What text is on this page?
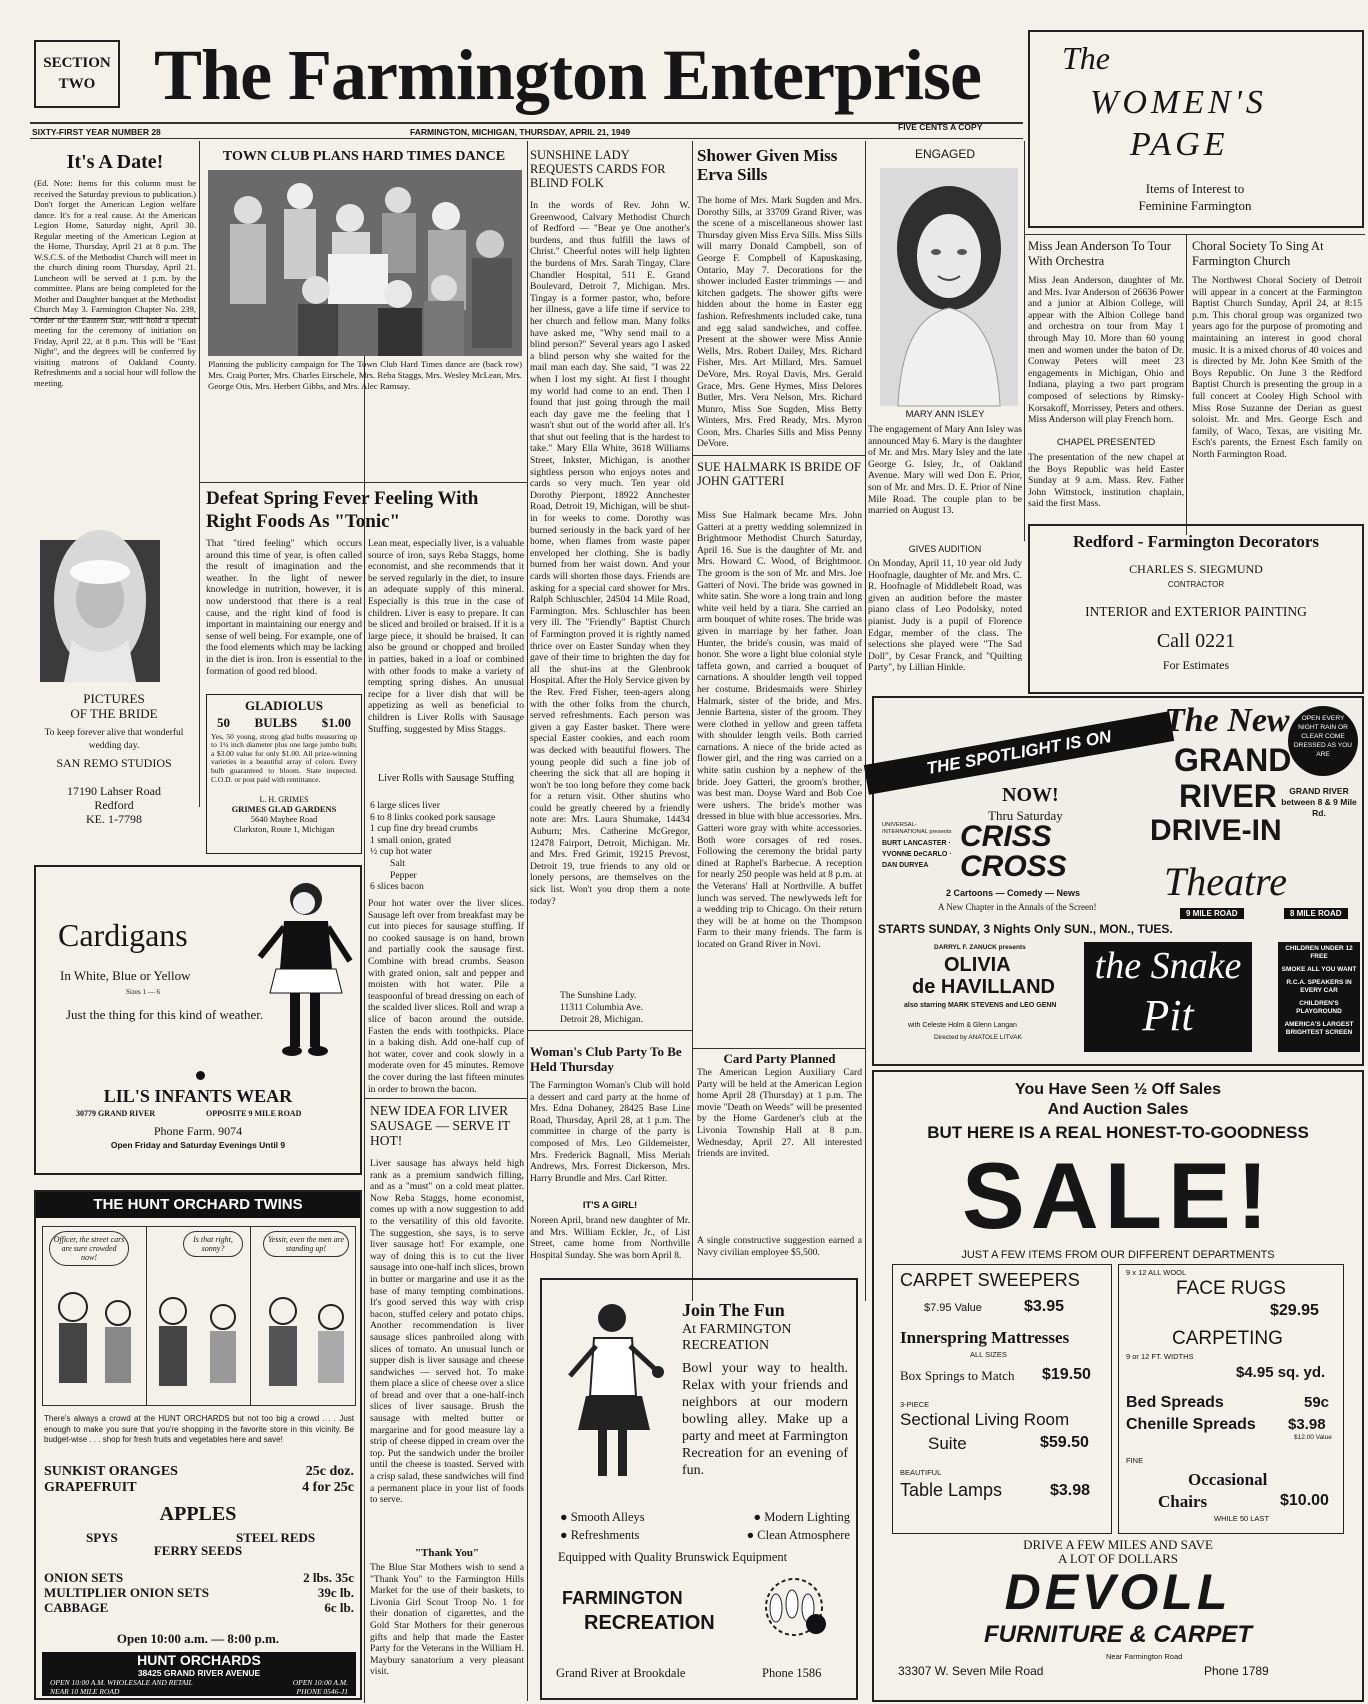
SECTION TWO The Farmington Enterprise
SIXTY-FIRST YEAR NUMBER 28	FARMINGTON, MICHIGAN, THURSDAY, APRIL 21, 1949	FIVE CENTS A COPY
The
WOMEN'S
PAGE
Items of Interest to Feminine Farmington
It's A Date!
(Ed. Note: Items for this column must be received the Saturday previous to publication.) Don't forget the American Legion welfare dance. It's for a real cause. At the American Legion Home, Saturday night, April 30. Regular meeting of the American Legion at the Home, Thursday, April 21 at 8 p.m. The W.S.C.S. of the Methodist Church will meet in the church dining room Thursday, April 21. Luncheon will be served at 1 p.m. by the committee. Plans are being completed for the Mother and Daughter banquet at the Methodist Church May 3. Farmington Chapter No. 239, Order of the Eastern Star, will hold a special meeting for the ceremony of initiation on Friday, April 22, at 8 p.m. This will be "East Night", and the degrees will be conferred by visiting matrons of Oakland County. Refreshments and a social hour will follow the meeting.
TOWN CLUB PLANS HARD TIMES DANCE
Planning the publicity campaign for The Town Club Hard Times dance are (back row) Mrs. Craig Porter, Mrs. Charles Eirschele, Mrs. Reba Staggs, Mrs. Wesley McLean, Mrs. George Otis, Mrs. Herbert Gibbs, and Mrs. Alec Ramsay.
Defeat Spring Fever Feeling With Right Foods As "Tonic"
That "tired feeling" which occurs around this time of year, is often called the result of imagination and the weather. In the light of newer knowledge in nutrition, however, it is now understood that there is a real cause, and the right kind of food is important in maintaining our energy and sense of well being. For example, one of the food elements which may be lacking in the diet is iron. Iron is essential to the formation of good red blood.
Lean meat, especially liver, is a valuable source of iron, says Reba Staggs, home economist, and she recommends that it be served regularly in the diet, to insure an adequate supply of this mineral. Especially is this true in the case of children. Liver is easy to prepare. It can be sliced and broiled or braised. If it is a large piece, it should be braised. It can also be ground or chopped and broiled in patties, baked in a loaf or combined with other foods to make a variety of tempting spring dishes. An unusual recipe for a liver dish that will be appetizing as well as beneficial to children is Liver Rolls with Sausage Stuffing, suggested by Miss Staggs.
Liver Rolls with Sausage Stuffing
6 large slices liver
6 to 8 links cooked pork sausage
1 cup fine dry bread crumbs
1 small onion, grated
½ cup hot water
Salt
Pepper
6 slices bacon
Pour hot water over the liver slices. Sausage left over from breakfast may be cut into pieces for sausage stuffing. If no cooked sausage is on hand, brown and partially cook the sausage first. Combine with bread crumbs. Season with grated onion, salt and pepper and moisten with hot water. Pile a teaspoonful of bread dressing on each of the scalded liver slices. Roll and wrap a slice of bacon around the outside. Fasten the ends with toothpicks. Place in a baking dish. Add one-half cup of hot water, cover and cook slowly in a moderate oven for 45 minutes. Remove the cover during the last fifteen minutes in order to brown the bacon.
GLADIOLUS
50 BULBS $1.00
Yes, 50 young, strong glad bulbs measuring up to 1¼ inch diameter plus one large jumbo bulb; a $3.00 value for only $1.00. All prize-winning varieties in a beautiful array of colors. Every bulb guaranteed to bloom. State inspected. C.O.D. or post paid with remittance.
L. H. GRIMES
GRIMES GLAD GARDENS
5640 Maybee Road
Clarkston, Route 1, Michigan
PICTURES
OF THE BRIDE
To keep forever alive that wonderful wedding day.
SAN REMO STUDIOS
17190 Lahser Road
Redford
KE. 1-7798
Cardigans
In White, Blue or Yellow
Sizes 1 — 6
Just the thing for this kind of weather.
LIL'S INFANTS WEAR
30779 GRAND RIVER	OPPOSITE 9 MILE ROAD
Phone Farm. 9074
Open Friday and Saturday Evenings Until 9
THE HUNT ORCHARD TWINS
Officer, the street cars are sure crowded now!
Is that right, sonny?
Yessir, even the men are standing up!
There's always a crowd at the HUNT ORCHARDS but not too big a crowd . . . Just enough to make you sure that you're shopping in the favorite store in this vicinity. Be budget-wise . . . shop for fresh fruits and vegetables here and save!
SUNKIST ORANGES	25c doz.
GRAPEFRUIT	4 for 25c
APPLES
SPYS	STEEL REDS
FERRY SEEDS
ONION SETS	2 lbs. 35c
MULTIPLIER ONION SETS	39c lb.
CABBAGE	6c lb.
Open 10:00 a.m. — 8:00 p.m.
HUNT ORCHARDS
38425 GRAND RIVER AVENUE
OPEN 10:00 A.M. WHOLESALE AND RETAIL	OPEN 10:00 A.M.
NEAR 10 MILE ROAD	PHONE 0546-J1
NEW IDEA FOR LIVER SAUSAGE — SERVE IT HOT!
Liver sausage has always held high rank as a premium sandwich filling, and as a "must" on a cold meat platter. Now Reba Staggs, home economist, comes up with a now suggestion to add to the versatility of this old favorite. The suggestion, she says, is to serve liver sausage hot! For example, one way of doing this is to cut the liver sausage into one-half inch slices, brown in butter or margarine and use it as the base of many tempting combinations. It's good served this way with crisp bacon, stuffed celery and potato chips. Another recommendation is liver sausage slices panbroiled along with slices of tomato. An unusual lunch or supper dish is liver sausage and cheese sandwiches — served hot. To make them place a slice of cheese over a slice of bread and over that a one-half-inch slices of liver sausage. Brush the sausage with melted butter or margarine and for good measure lay a strip of cheese dipped in cream over the top. Put the sandwich under the broiler until the cheese is toasted. Served with a crisp salad, these sandwiches will find a permanent place in your list of foods to serve.
"Thank You"
The Blue Star Mothers wish to send a "Thank You" to the Farmington Hills Market for the use of their baskets, to Livonia Girl Scout Troop No. 1 for their donation of cigarettes, and the Gold Star Mothers for their generous gifts and help that made the Easter Party for the Veterans in the William H. Maybury sanatorium a very pleasant visit.
SUNSHINE LADY REQUESTS CARDS FOR BLIND FOLK
In the words of Rev. John W. Greenwood, Calvary Methodist Church of Redford — "Bear ye One another's burdens, and thus fulfill the laws of Christ." Cheerful notes will help lighten the burdens of Mrs. Sarah Tingay, Clare Chandler Hospital, 511 E. Grand Boulevard, Detroit 7, Michigan. Mrs. Tingay is a former pastor, who, before her illness, gave a life time if service to her church and fellow man. Many folks have asked me, "Why send mail to a blind person?" Several years ago I asked a blind person why she waited for the mail man each day. She said, "I was 22 when I lost my sight. At first I thought my world had come to an end. Then I found that just going through the mail each day gave me the feeling that I wasn't shut out of the world after all. It's that shut out feeling that is the hardest to take." Mary Ella White, 3618 Williams Street, Inkster, Michigan, is another sightless person who enjoys notes and cards so very much. Ten year old Dorothy Pierpont, 18922 Annchester Road, Detroit 19, Michigan, will be shut-in for weeks to come. Dorothy was burned seriously in the back yard of her home, when flames from waste paper enveloped her clothing. She is badly burned from her waist down. And your cards will shorten those days. Friends are asking for a special card shower for Mrs. Ralph Schluschler, 24504 14 Mile Road, Farmington. Mrs. Schluschler has been very ill. The "Friendly" Baptist Church of Farmington proved it is rightly named thrice over on Easter Sunday when they gave of their time to brighten the day for all the shut-ins at the Glenbrook Hospital. After the Holy Service given by the Rev. Fred Fisher, teen-agers along with the other folks from the church, served refreshments. Each person was given a gay Easter basket. There were special Easter cookies, and each room was decked with beautiful flowers. The young people did such a fine job of cheering the sick that all are hoping it won't be too long before they come back for a return visit. Other shutins who could be greatly cheered by a friendly note are: Mrs. Laura Shumake, 14434 Auburn; Mrs. Catherine McGregor, 12478 Fairport, Detroit, Michigan. Mr. and Mrs. Fred Grimit, 19215 Prevost, Detroit 19, true friends to any old or lonely persons, are themselves on the sick list. Won't you drop them a note today?
The Sunshine Lady.
11311 Columbia Ave.
Detroit 28, Michigan.
Woman's Club Party To Be Held Thursday
The Farmington Woman's Club will hold a dessert and card party at the home of Mrs. Edna Dohaney, 28425 Base Line Road, Thursday, April 28, at 1 p.m. The committee in charge of the party is composed of Mrs. Leo Gildemeister, Mrs. Frederick Bagnall, Miss Meriah Andrews, Mrs. Forrest Dickerson, Mrs. Harry Brundle and Mrs. Carl Ritter.
IT'S A GIRL!
Noreen April, brand new daughter of Mr. and Mrs. William Eckler, Jr., of List Street, came home from Northville Hospital Sunday. She was born April 8.
Shower Given Miss Erva Sills
The home of Mrs. Mark Sugden and Mrs. Dorothy Sills, at 33709 Grand River, was the scene of a miscellaneous shower last Thursday given Miss Erva Sills. Miss Sills will marry Donald Campbell, son of George F. Compbell of Kapuskasing, Ontario, May 7. Decorations for the shower included Easter trimmings — and kitchen gadgets. The shower gifts were hidden about the home in Easter egg fashion. Refreshments included cake, tuna and egg salad sandwiches, and coffee. Present at the shower were Miss Annie Wells, Mrs. Robert Dailey, Mrs. Richard Fisher, Mrs. Art Millard, Mrs. Samuel DeVore, Mrs. Royal Davis, Mrs. Gerald Grace, Mrs. Gene Hymes, Miss Delores Butler, Mrs. Vera Nelson, Mrs. Richard Munro, Miss Sue Sugden, Miss Betty Winters, Mrs. Fred Ready, Mrs. Myron Coon, Mrs. Charles Sills and Miss Penny DeVore.
SUE HALMARK IS BRIDE OF JOHN GATTERI
Miss Sue Halmark became Mrs. John Gatteri at a pretty wedding solemnized in Brightmoor Methodist Church Saturday, April 16. Sue is the daughter of Mr. and Mrs. Howard C. Wood, of Brightmoor. The groom is the son of Mr. and Mrs. Joe Gatteri of Novi. The bride was gowned in white satin. She wore a long train and long white veil held by a tiara. She carried an arm bouquet of white roses. The bride was given in marriage by her father. Joan Hunter, the bride's cousin, was maid of honor. She wore a light blue colonial style taffeta gown, and carried a bouquet of carnations. A shoulder length veil topped her costume. Bridesmaids were Shirley Halmark, sister of the bride, and Mrs. Jennie Bartena, sister of the groom. They were clothed in yellow and green taffeta with shoulder length veils. Both carried carnations. A niece of the bride acted as flower girl, and the ring was carried on a white satin cushion by a nephew of the bride. Joey Gatteri, the groom's brother, was best man. Doyse Ward and Bob Coe were ushers. The bride's mother was dressed in blue with blue accessories. Mrs. Gatteri wore gray with white accessories. Both wore corsages of red roses. Following the ceremony the bridal party dined at Raphel's Barbecue. A reception for nearly 250 people was held at 8 p.m. at the Veterans' Hall at Northville. A buffet lunch was served. The newlyweds left for a wedding trip to Chicago. On their return they will be at home on the Thompson Farm to their many friends. The farm is located on Grand River in Novi.
Card Party Planned
The American Legion Auxiliary Card Party will be held at the American Legion home April 28 (Thursday) at 1 p.m. The movie "Death on Weeds" will be presented by the Home Gardener's club at the Livonia Township Hall at 8 p.m. Wednesday, April 27. All interested friends are invited.
A single constructive suggestion earned a Navy civilian employee $5,500.
ENGAGED
MARY ANN ISLEY
The engagement of Mary Ann Isley was announced May 6. Mary is the daughter of Mr. and Mrs. Mary Isley and the late George G. Isley, Jr., of Oakland Avenue. Mary will wed Don E. Prior, son of Mr. and Mrs. D. E. Prior of Nine Mile Road. The couple plan to be married on August 13.
Miss Jean Anderson To Tour With Orchestra
Miss Jean Anderson, daughter of Mr. and Mrs. Ivar Anderson of 26636 Power and a junior at Albion College, will appear with the Albion College band and orchestra on tour from May 1 through May 10. More than 60 young men and women under the baton of Dr. Conway Peters will meet 23 engagements in Michigan, Ohio and Indiana, playing a two part program composed of selections by Rimsky-Korsakoff, Morrissey, Peters and others. Miss Anderson will play French horn.
Choral Society To Sing At Farmington Church
The Northwest Choral Society of Detroit will appear in a concert at the Farmington Baptist Church Sunday, April 24, at 8:15 p.m. This choral group was organized two years ago for the purpose of promoting and maintaining an interest in good choral music. It is a mixed chorus of 40 voices and is directed by Mr. John Kee Smith of the Boys Republic. On June 3 the Redford Baptist Church is presenting the group in a full concert at Cooley High School with Miss Rose Suzanne der Derian as guest soloist. Mr. and Mrs. George Esch and family, of Waco, Texas, are visiting Mr. Esch's parents, the Ernest Esch family on North Farmington Road.
CHAPEL PRESENTED
The presentation of the new chapel at the Boys Republic was held Easter Sunday at 9 a.m. Mass. Rev. Father John Wittstock, institution chaplain, said the first Mass.
GIVES AUDITION
On Monday, April 11, 10 year old Judy Hoofnagle, daughter of Mr. and Mrs. C. R. Hoofnagle of Middlebelt Road, was given an audition before the master piano class of Leo Podolsky, noted pianist. Judy is a pupil of Florence Edgar, member of the class. The selections she played were "The Sad Doll", by Cesar Franck, and "Quilting Party", by Lillian Hinkle.
Redford - Farmington Decorators
CHARLES S. SIEGMUND
CONTRACTOR
INTERIOR and EXTERIOR PAINTING
Call 0221
For Estimates
THE SPOTLIGHT IS ON
The New
GRAND
RIVER
DRIVE-IN
Theatre
OPEN EVERY NIGHT RAIN OR CLEAR COME DRESSED AS YOU ARE
GRAND RIVER between 8 & 9 Mile Rd.
NOW!
Thru Saturday
UNIVERSAL-INTERNATIONAL presents
BURT LANCASTER · YVONNE DeCARLO · DAN DURYEA
CRISS CROSS
2 Cartoons — Comedy — News
A New Chapter in the Annals of the Screen!
9 MILE ROAD	8 MILE ROAD
STARTS SUNDAY, 3 Nights Only SUN., MON., TUES.
DARRYL F. ZANUCK presents
OLIVIA
de HAVILLAND
also starring MARK STEVENS and LEO GENN
with Celeste Holm & Glenn Langan
Directed by ANATOLE LITVAK
the Snake
Pit
CHILDREN UNDER 12 FREE
SMOKE ALL YOU WANT
R.C.A. SPEAKERS IN EVERY CAR
CHILDREN'S PLAYGROUND
AMERICA'S LARGEST BRIGHTEST SCREEN
Join The Fun
At FARMINGTON
RECREATION
Bowl your way to health. Relax with your friends and neighbors at our modern bowling alley. Make up a party and meet at Farmington Recreation for an evening of fun.
● Smooth Alleys	● Modern Lighting
● Refreshments	● Clean Atmosphere
Equipped with Quality Brunswick Equipment
FARMINGTON
RECREATION
Grand River at Brookdale	Phone 1586
You Have Seen ½ Off Sales
And Auction Sales
BUT HERE IS A REAL HONEST-TO-GOODNESS
SALE!
JUST A FEW ITEMS FROM OUR DIFFERENT DEPARTMENTS
CARPET SWEEPERS
$7.95 Value	$3.95
Innerspring Mattresses
ALL SIZES
Box Springs to Match $19.50
3-PIECE
Sectional Living Room
Suite	$59.50
BEAUTIFUL
Table Lamps	$3.98
9 x 12 ALL WOOL
FACE RUGS
$29.95
CARPETING
9 or 12 FT. WIDTHS
$4.95 sq. yd.
Bed Spreads	59c
Chenille Spreads $3.98
$12.00 Value
FINE
Occasional
Chairs	$10.00
WHILE 50 LAST
DRIVE A FEW MILES AND SAVE
A LOT OF DOLLARS
DEVOLL
FURNITURE & CARPET
Near Farmington Road
33307 W. Seven Mile Road	Phone 1789
